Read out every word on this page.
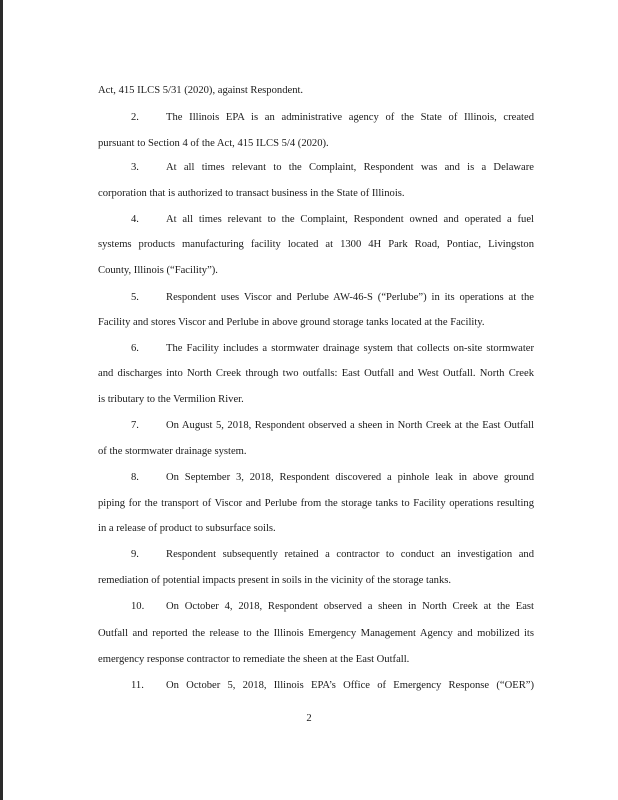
Act, 415 ILCS 5/31 (2020), against Respondent.
2.	The Illinois EPA is an administrative agency of the State of Illinois, created
pursuant to Section 4 of the Act, 415 ILCS 5/4 (2020).
3.	At all times relevant to the Complaint, Respondent was and is a Delaware
corporation that is authorized to transact business in the State of Illinois.
4.	At all times relevant to the Complaint, Respondent owned and operated a fuel
systems products manufacturing facility located at 1300 4H Park Road, Pontiac, Livingston
County, Illinois (“Facility”).
5.	Respondent uses Viscor and Perlube AW-46-S (“Perlube”) in its operations at the
Facility and stores Viscor and Perlube in above ground storage tanks located at the Facility.
6.	The Facility includes a stormwater drainage system that collects on-site stormwater
and discharges into North Creek through two outfalls: East Outfall and West Outfall. North Creek
is tributary to the Vermilion River.
7.	On August 5, 2018, Respondent observed a sheen in North Creek at the East Outfall
of the stormwater drainage system.
8.	On September 3, 2018, Respondent discovered a pinhole leak in above ground
piping for the transport of Viscor and Perlube from the storage tanks to Facility operations resulting
in a release of product to subsurface soils.
9.	Respondent subsequently retained a contractor to conduct an investigation and
remediation of potential impacts present in soils in the vicinity of the storage tanks.
10. On October 4, 2018, Respondent observed a sheen in North Creek at the East
Outfall and reported the release to the Illinois Emergency Management Agency and mobilized its
emergency response contractor to remediate the sheen at the East Outfall.
11. On October 5, 2018, Illinois EPA’s Office of Emergency Response (“OER”)
2
